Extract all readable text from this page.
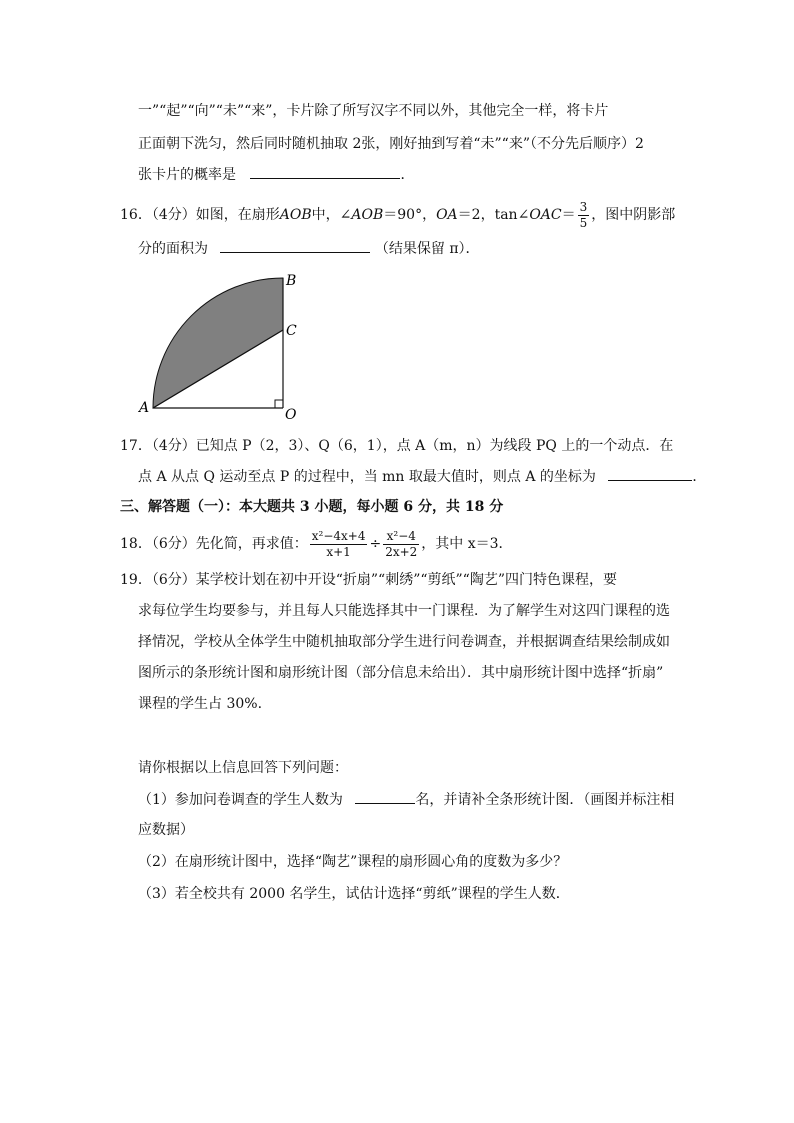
一”“起”“向”“未”“来”，卡片除了所写汉字不同以外，其他完全一样，将卡片
正面朝下洗匀，然后同时随机抽取 2张，刚好抽到写着“未”“来”（不分先后顺序）2
张卡片的概率是	．
16．（4分）如图，在扇形AOB中，∠AOB＝90°，OA＝2，tan∠OAC＝ $\frac{3}{5}$ ，图中阴影部
分的面积为	（结果保留 π）．
B
C
A	O
17．（4分）已知点 P（2，3）、Q（6，1），点 A（m，n）为线段 PQ 上的一个动点．在
点 A 从点 Q 运动至点 P 的过程中，当 mn 取最大值时，则点 A 的坐标为	．
三、解答题（一）：本大题共 3 小题，每小题 6 分，共 18 分
18．（6分）先化简，再求值： $\frac{\text{x²−4x+4}}{x+1} \div \frac{\text{x²−4}}{2x+2}$ ，其中 x＝3．
19．（6分）某学校计划在初中开设“折扇”“刺绣”“剪纸”“陶艺”四门特色课程，要
求每位学生均要参与，并且每人只能选择其中一门课程．为了解学生对这四门课程的选
择情况，学校从全体学生中随机抽取部分学生进行问卷调查，并根据调查结果绘制成如
图所示的条形统计图和扇形统计图（部分信息未给出）．其中扇形统计图中选择“折扇”
课程的学生占 30%.
请你根据以上信息回答下列问题：
（1）参加问卷调查的学生人数为	名，并请补全条形统计图．（画图并标注相
应数据）
（2）在扇形统计图中，选择“陶艺”课程的扇形圆心角的度数为多少？
（3）若全校共有 2000 名学生，试估计选择“剪纸”课程的学生人数．
